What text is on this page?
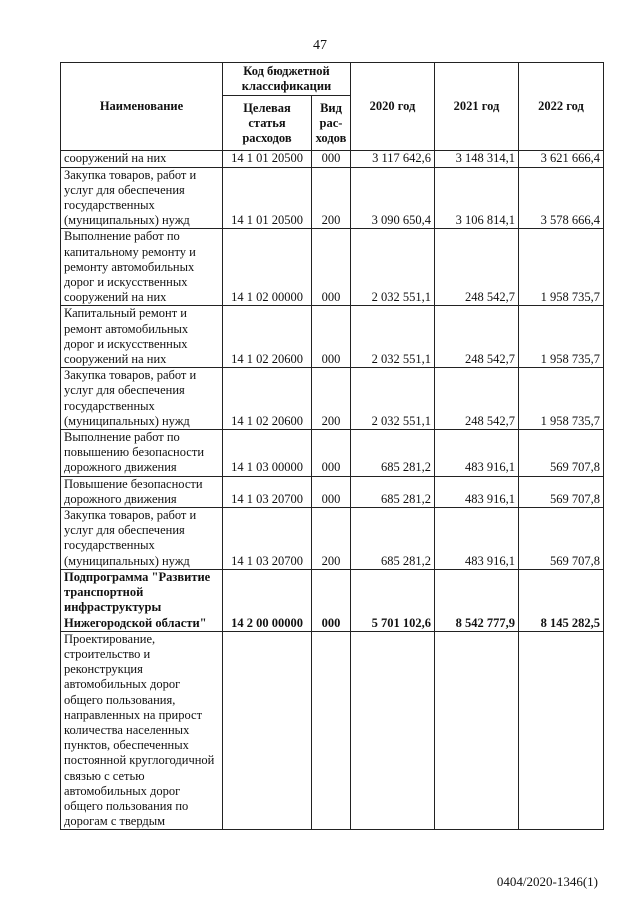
47
Наименование	Код бюджетной классификации		2020 год	2021 год	2022 год
	Целевая статья расходов	Вид рас-ходов			
сооружений на них	14 1 01 20500	000	3 117 642,6	3 148 314,1	3 621 666,4
Закупка товаров, работ и услуг для обеспечения государственных (муниципальных) нужд	14 1 01 20500	200	3 090 650,4	3 106 814,1	3 578 666,4
Выполнение работ по капитальному ремонту и ремонту автомобильных дорог и искусственных сооружений на них	14 1 02 00000	000	2 032 551,1	248 542,7	1 958 735,7
Капитальный ремонт и ремонт автомобильных дорог и искусственных сооружений на них	14 1 02 20600	000	2 032 551,1	248 542,7	1 958 735,7
Закупка товаров, работ и услуг для обеспечения государственных (муниципальных) нужд	14 1 02 20600	200	2 032 551,1	248 542,7	1 958 735,7
Выполнение работ по повышению безопасности дорожного движения	14 1 03 00000	000	685 281,2	483 916,1	569 707,8
Повышение безопасности дорожного движения	14 1 03 20700	000	685 281,2	483 916,1	569 707,8
Закупка товаров, работ и услуг для обеспечения государственных (муниципальных) нужд	14 1 03 20700	200	685 281,2	483 916,1	569 707,8
Подпрограмма "Развитие транспортной инфраструктуры Нижегородской области"	14 2 00 00000	000	5 701 102,6	8 542 777,9	8 145 282,5
Проектирование, строительство и реконструкция автомобильных дорог общего пользования, направленных на прирост количества населенных пунктов, обеспеченных постоянной круглогодичной связью с сетью автомобильных дорог общего пользования по дорогам с твердым					
0404/2020-1346(1)
